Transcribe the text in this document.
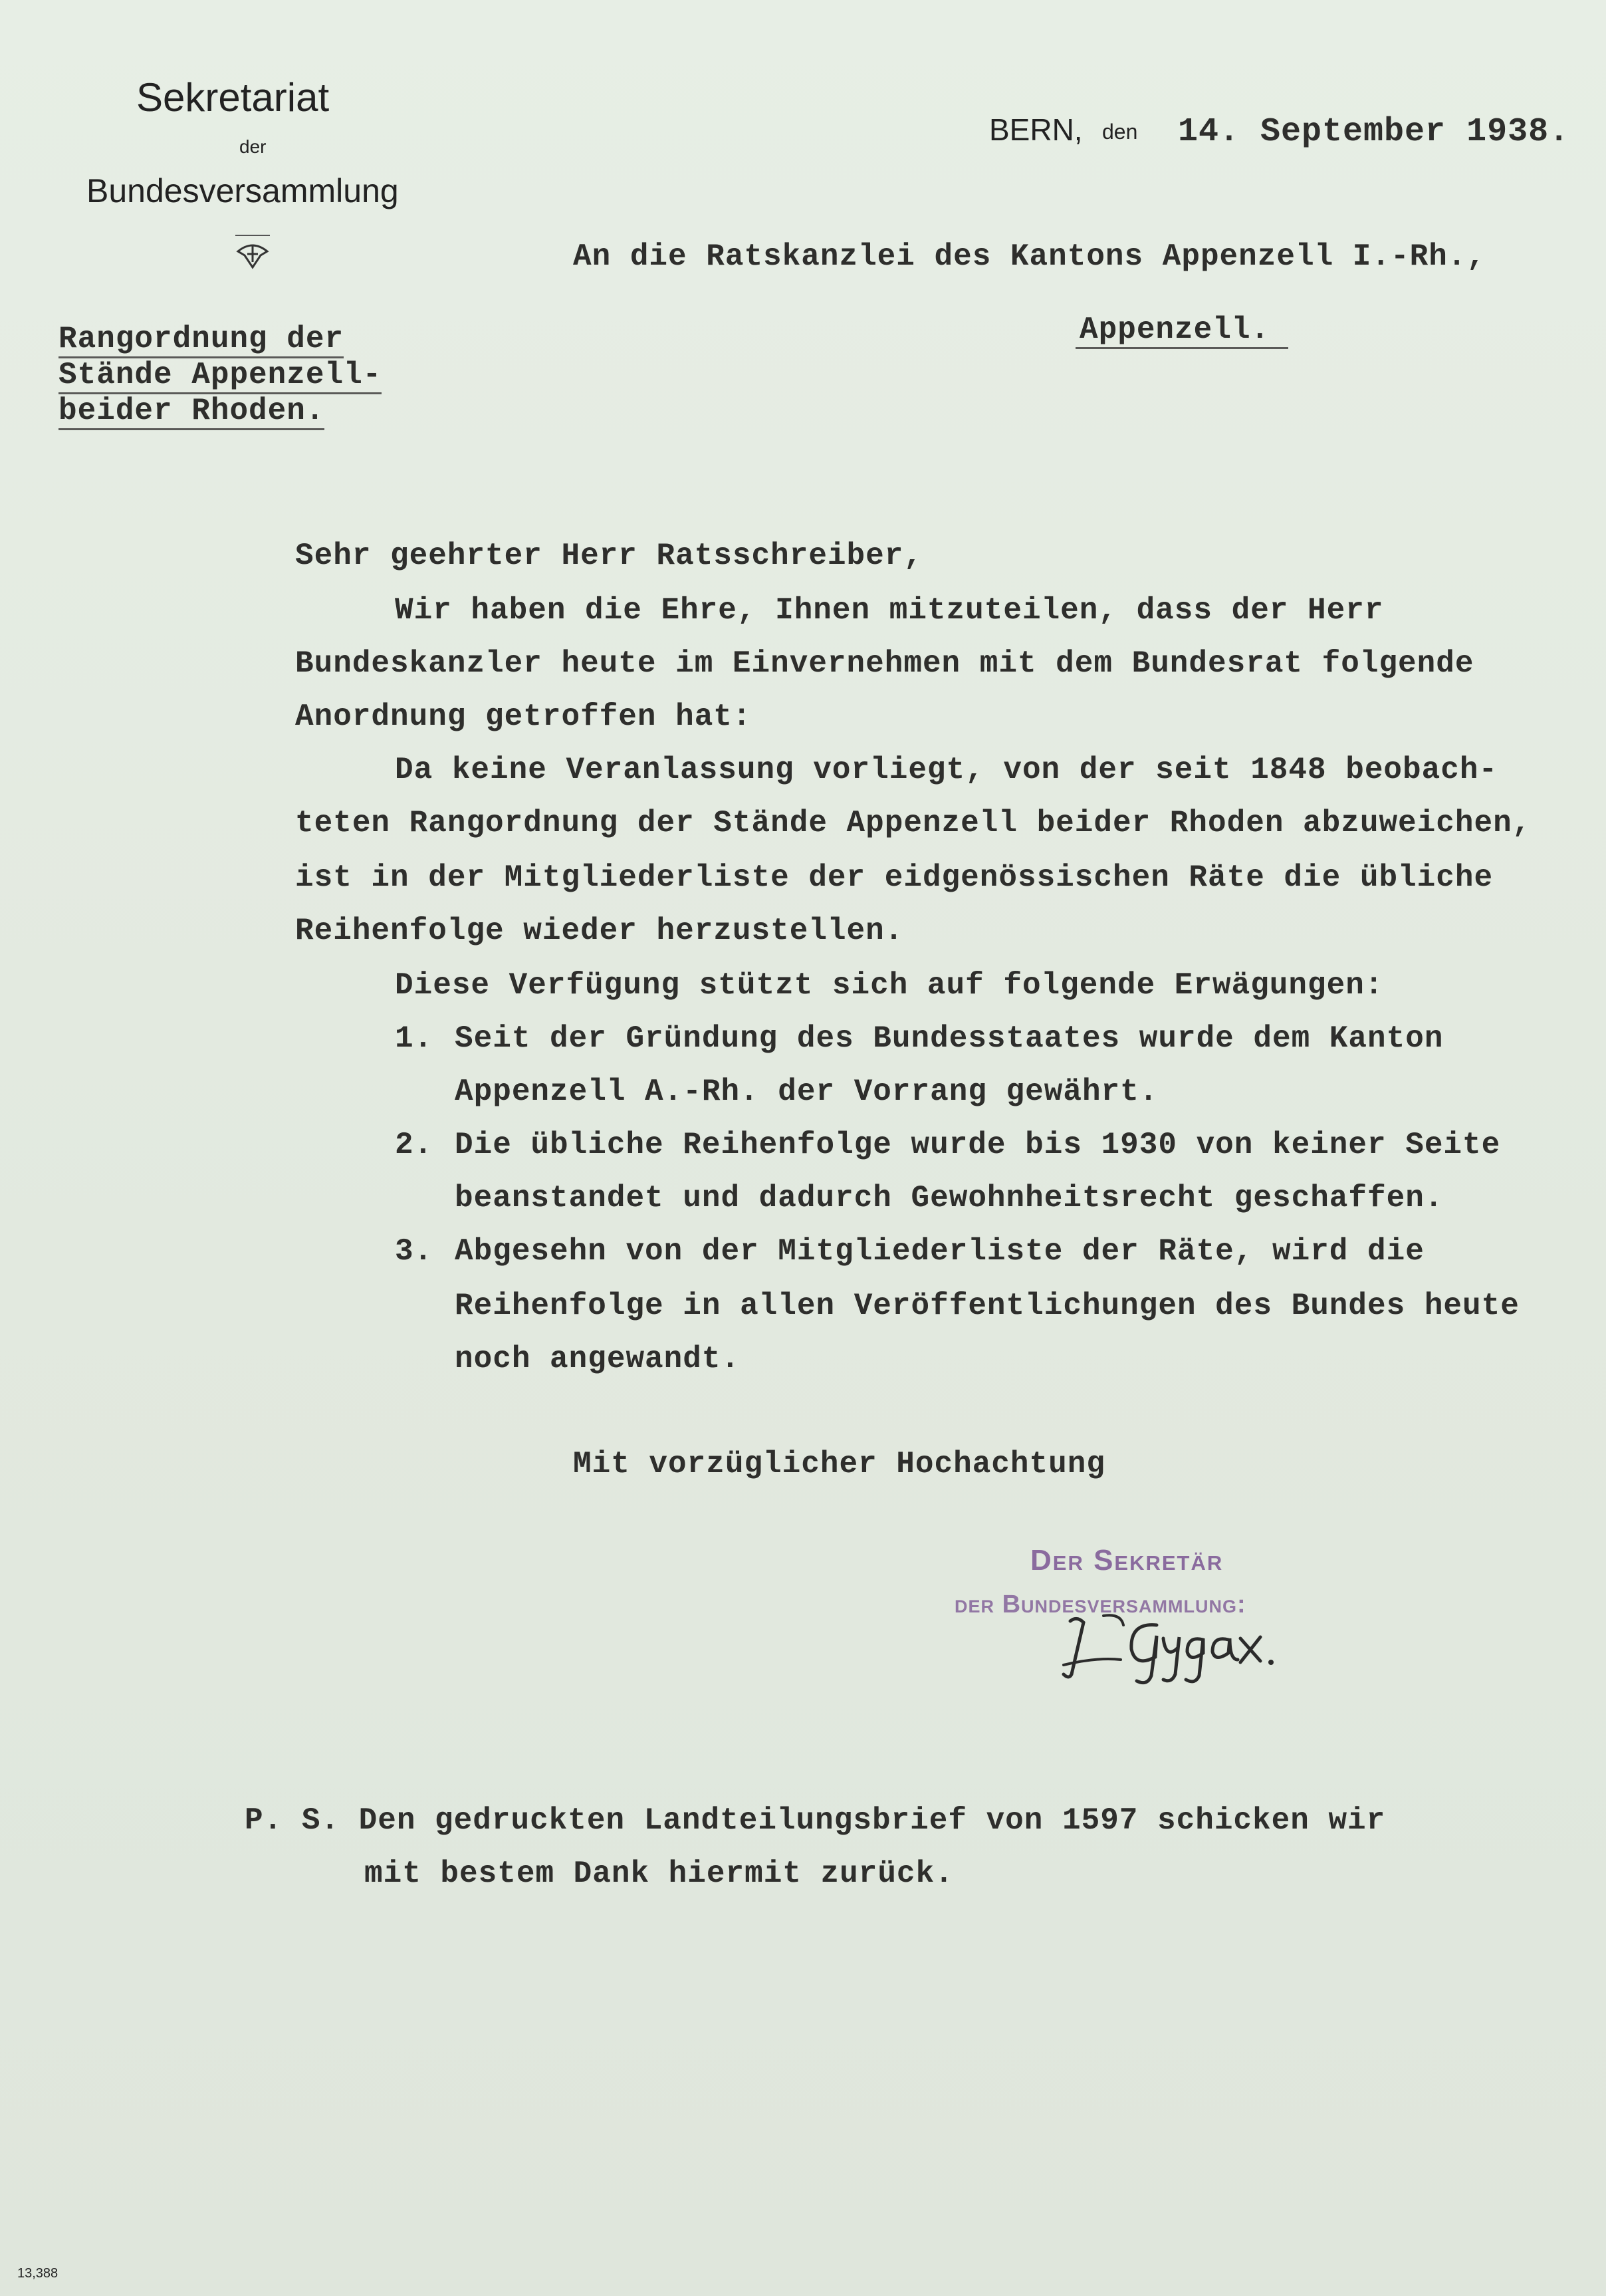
Sekretariat
der
Bundesversammlung
BERN, den 14. September 1938.
An die Ratskanzlei des Kantons Appenzell I.-Rh.,
Appenzell.
Rangordnung der
Stände Appenzell-
beider Rhoden.
Sehr geehrter Herr Ratsschreiber,
Wir haben die Ehre, Ihnen mitzuteilen, dass der Herr
Bundeskanzler heute im Einvernehmen mit dem Bundesrat folgende
Anordnung getroffen hat:
Da keine Veranlassung vorliegt, von der seit 1848 beobach-
teten Rangordnung der Stände Appenzell beider Rhoden abzuweichen,
ist in der Mitgliederliste der eidgenössischen Räte die übliche
Reihenfolge wieder herzustellen.
Diese Verfügung stützt sich auf folgende Erwägungen:
1. Seit der Gründung des Bundesstaates wurde dem Kanton
Appenzell A.-Rh. der Vorrang gewährt.
2. Die übliche Reihenfolge wurde bis 1930 von keiner Seite
beanstandet und dadurch Gewohnheitsrecht geschaffen.
3. Abgesehn von der Mitgliederliste der Räte, wird die
Reihenfolge in allen Veröffentlichungen des Bundes heute
noch angewandt.
Mit vorzüglicher Hochachtung
Der Sekretär
der Bundesversammlung:
P. S. Den gedruckten Landteilungsbrief von 1597 schicken wir
mit bestem Dank hiermit zurück.
13,388
